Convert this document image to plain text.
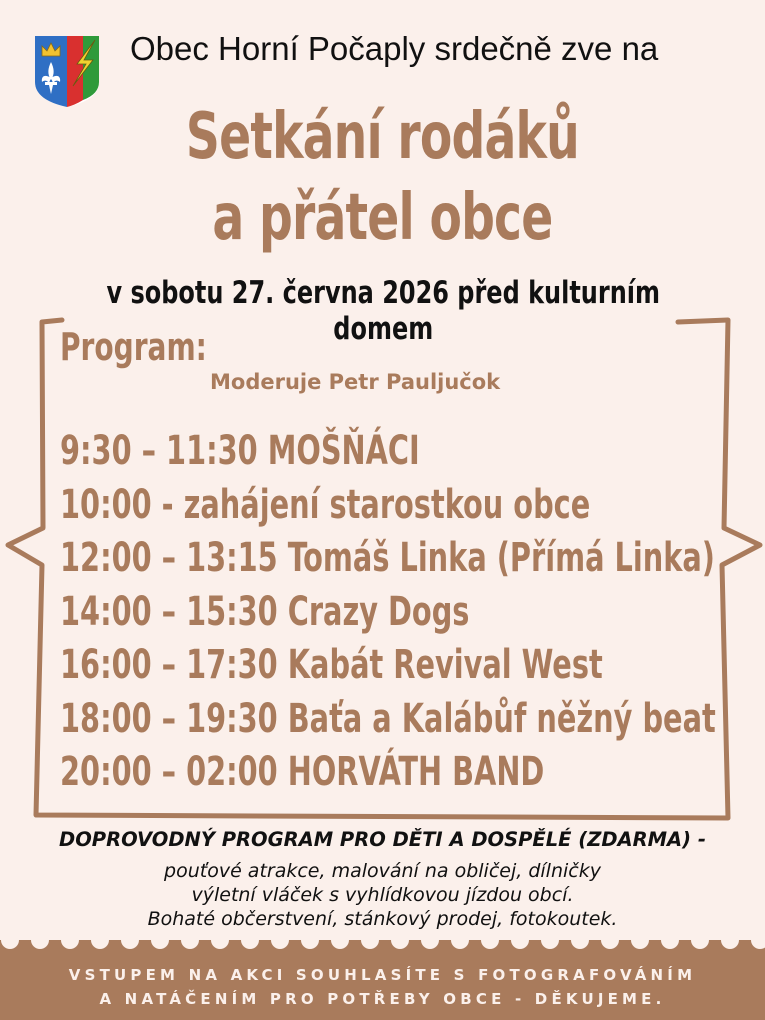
Obec Horní Počaply srdečně zve na
Setkání rodáků
a přátel obce
v sobotu 27. června 2026 před kulturním domem
Program:
Moderuje Petr Pauljučok
9:30 – 11:30 MOŠŇÁCI
10:00 - zahájení starostkou obce
12:00 – 13:15 Tomáš Linka (Přímá Linka)
14:00 – 15:30 Crazy Dogs
16:00 – 17:30 Kabát Revival West
18:00 – 19:30 Baťa a Kalábůf něžný beat
20:00 – 02:00 HORVÁTH BAND
DOPROVODNÝ PROGRAM PRO DĚTI A DOSPĚLÉ (ZDARMA) -
pouťové atrakce, malování na obličej, dílničky
výletní vláček s vyhlídkovou jízdou obcí.
Bohaté občerstvení, stánkový prodej, fotokoutek.
VSTUPEM NA AKCI SOUHLASÍTE S FOTOGRAFOVÁNÍM
A NATÁČENÍM PRO POTŘEBY OBCE - DĚKUJEME.
